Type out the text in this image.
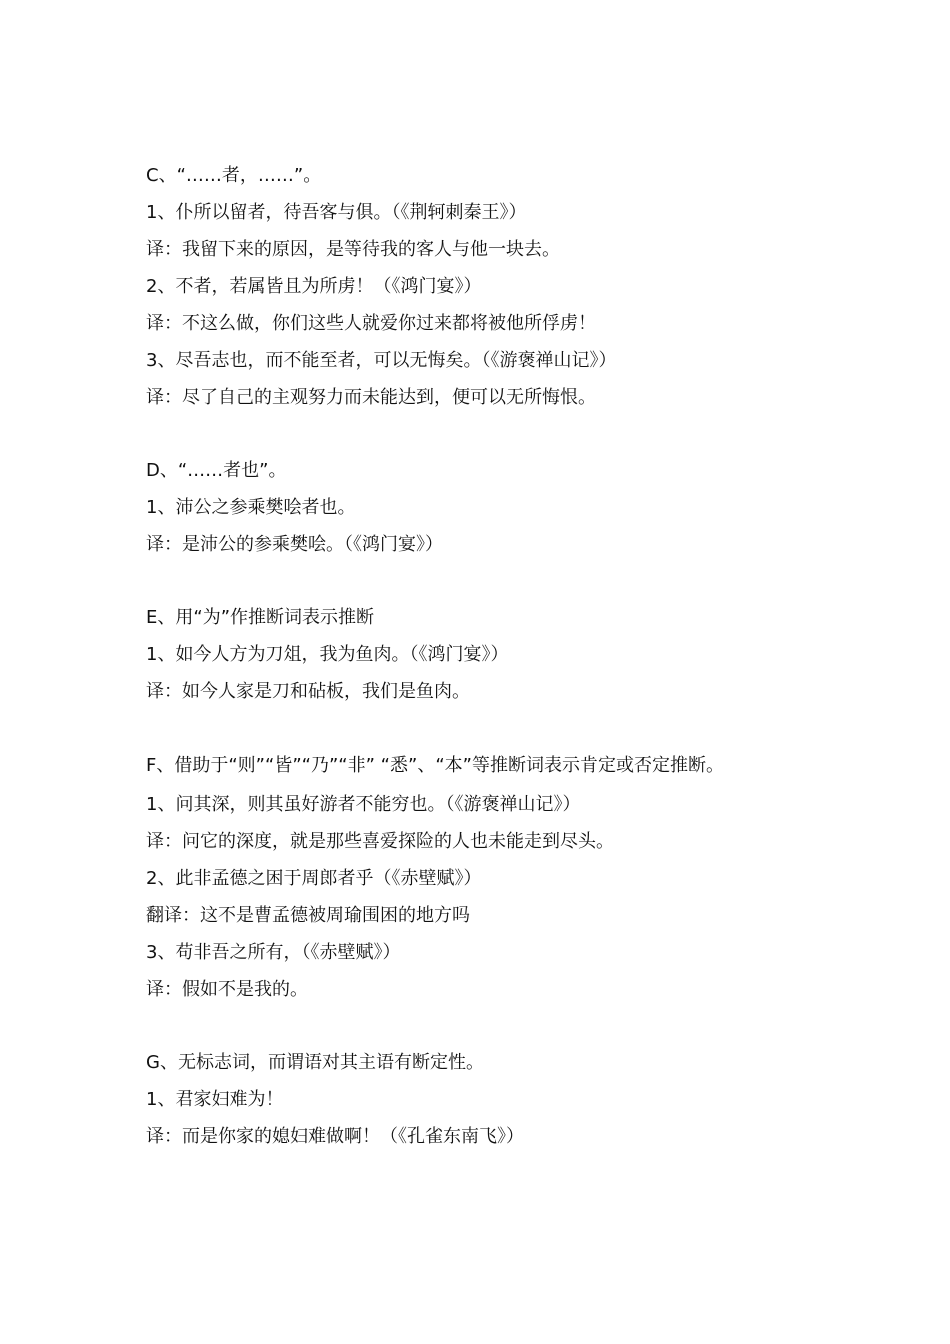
C、“……者，……”。
1、仆所以留者，待吾客与俱。（《荆轲刺秦王》）
译：我留下来的原因，是等待我的客人与他一块去。
2、不者，若属皆且为所虏！（《鸿门宴》）
译：不这么做，你们这些人就爱你过来都将被他所俘虏！
3、尽吾志也，而不能至者，可以无悔矣。（《游褒禅山记》）
译：尽了自己的主观努力而未能达到，便可以无所悔恨。
D、“……者也”。
1、沛公之参乘樊哙者也。
译：是沛公的参乘樊哙。（《鸿门宴》）
E、用“为”作推断词表示推断
1、如今人方为刀俎，我为鱼肉。（《鸿门宴》）
译：如今人家是刀和砧板，我们是鱼肉。
F、借助于“则”“皆”“乃”“非” “悉”、“本”等推断词表示肯定或否定推断。
1、问其深，则其虽好游者不能穷也。（《游褒禅山记》）
译：问它的深度，就是那些喜爱探险的人也未能走到尽头。
2、此非孟德之困于周郎者乎（《赤壁赋》）
翻译：这不是曹孟德被周瑜围困的地方吗
3、苟非吾之所有，（《赤壁赋》）
译：假如不是我的。
G、无标志词，而谓语对其主语有断定性。
1、君家妇难为！
译：而是你家的媳妇难做啊！（《孔雀东南飞》）
